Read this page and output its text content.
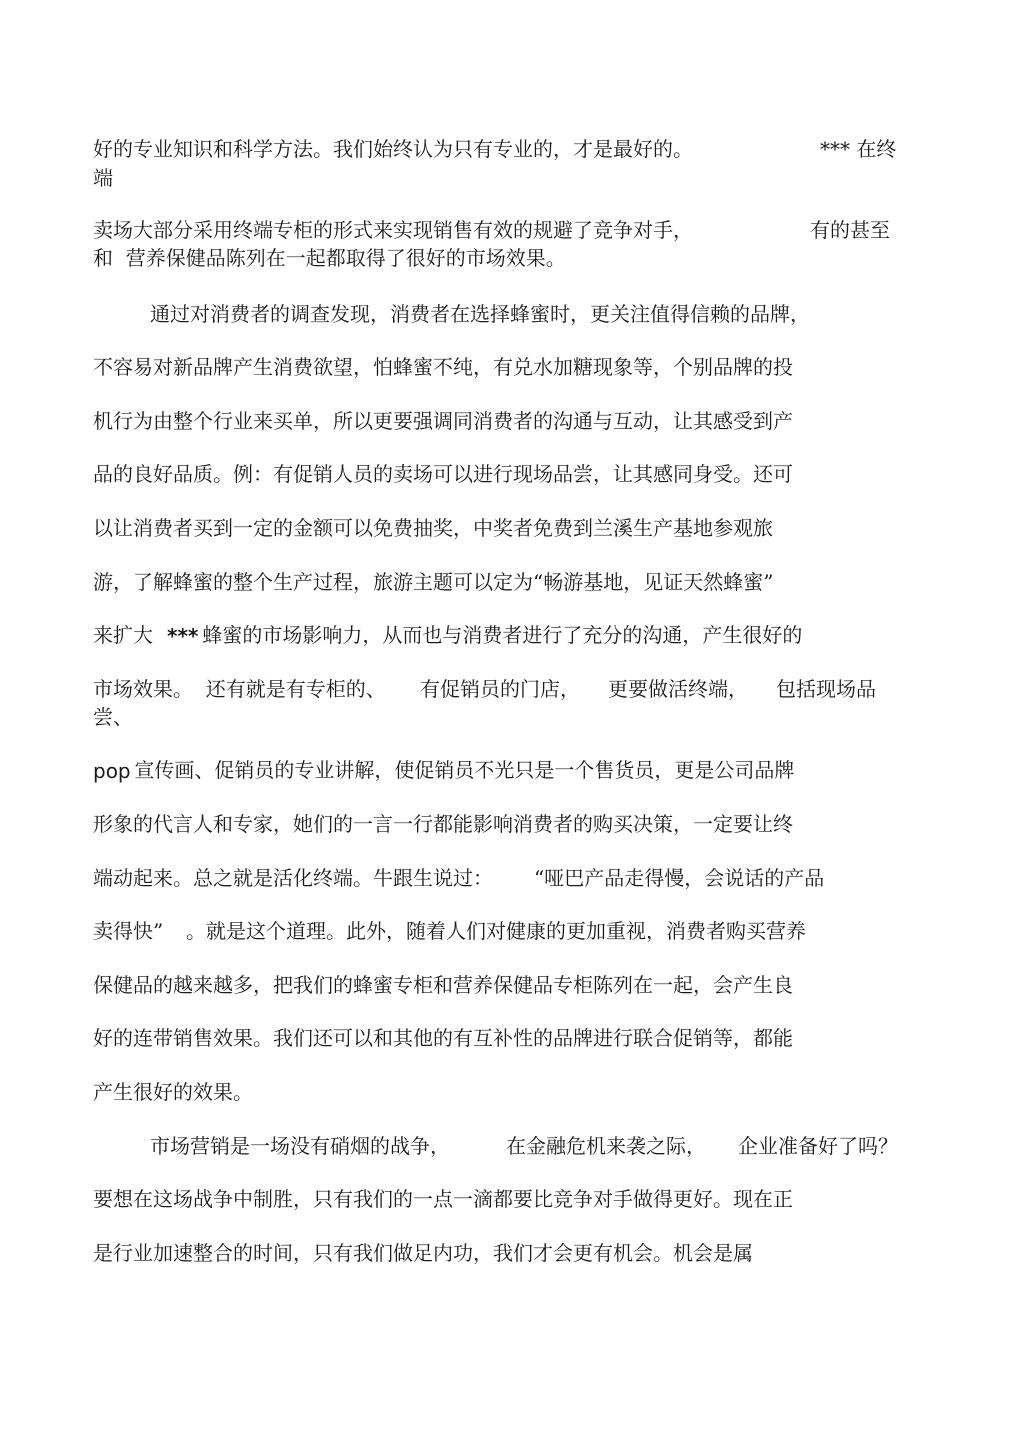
好的专业知识和科学方法。我们始终认为只有专业的，才是最好的。	*** 在终
端
卖场大部分采用终端专柜的形式来实现销售有效的规避了竞争对手，	有的甚至
和  营养保健品陈列在一起都取得了很好的市场效果。
通过对消费者的调查发现，消费者在选择蜂蜜时，更关注值得信赖的品牌，
不容易对新品牌产生消费欲望，怕蜂蜜不纯，有兑水加糖现象等，个别品牌的投
机行为由整个行业来买单，所以更要强调同消费者的沟通与互动，让其感受到产
品的良好品质。例：有促销人员的卖场可以进行现场品尝，让其感同身受。还可
以让消费者买到一定的金额可以免费抽奖，中奖者免费到兰溪生产基地参观旅
游，了解蜂蜜的整个生产过程，旅游主题可以定为“畅游基地，见证天然蜂蜜”
来扩大 ***
蜂蜜的市场影响力，从而也与消费者进行了充分的沟通，产生很好的
市场效果。  还有就是有专柜的、 有促销员的门店， 更要做活终端， 包括现场品
尝、
pop
宣传画、促销员的专业讲解，使促销员不光只是一个售货员，更是公司品牌
形象的代言人和专家，她们的一言一行都能影响消费者的购买决策，一定要让终
端动起来。总之就是活化终端。牛跟生说过： “哑巴产品走得慢，会说话的产品
卖得快” 。就是这个道理。此外，随着人们对健康的更加重视，消费者购买营养
保健品的越来越多，把我们的蜂蜜专柜和营养保健品专柜陈列在一起，会产生良
好的连带销售效果。我们还可以和其他的有互补性的品牌进行联合促销等，都能
产生很好的效果。
市场营销是一场没有硝烟的战争，	在金融危机来袭之际， 企业准备好了吗？
要想在这场战争中制胜，只有我们的一点一滴都要比竞争对手做得更好。现在正
是行业加速整合的时间，只有我们做足内功，我们才会更有机会。机会是属
